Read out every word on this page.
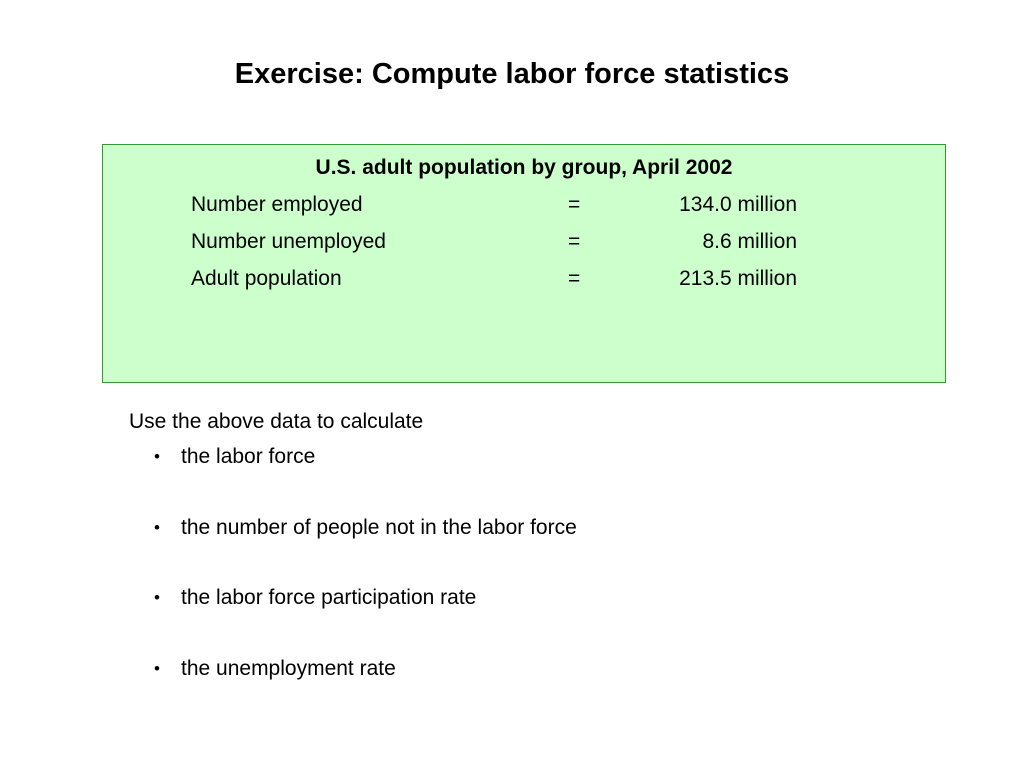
Exercise: Compute labor force statistics
U.S. adult population by group, April 2002
Number employed	=	134.0 million
Number unemployed	=	8.6 million
Adult population	=	213.5 million
Use the above data to calculate
• the labor force
• the number of people not in the labor force
• the labor force participation rate
• the unemployment rate
